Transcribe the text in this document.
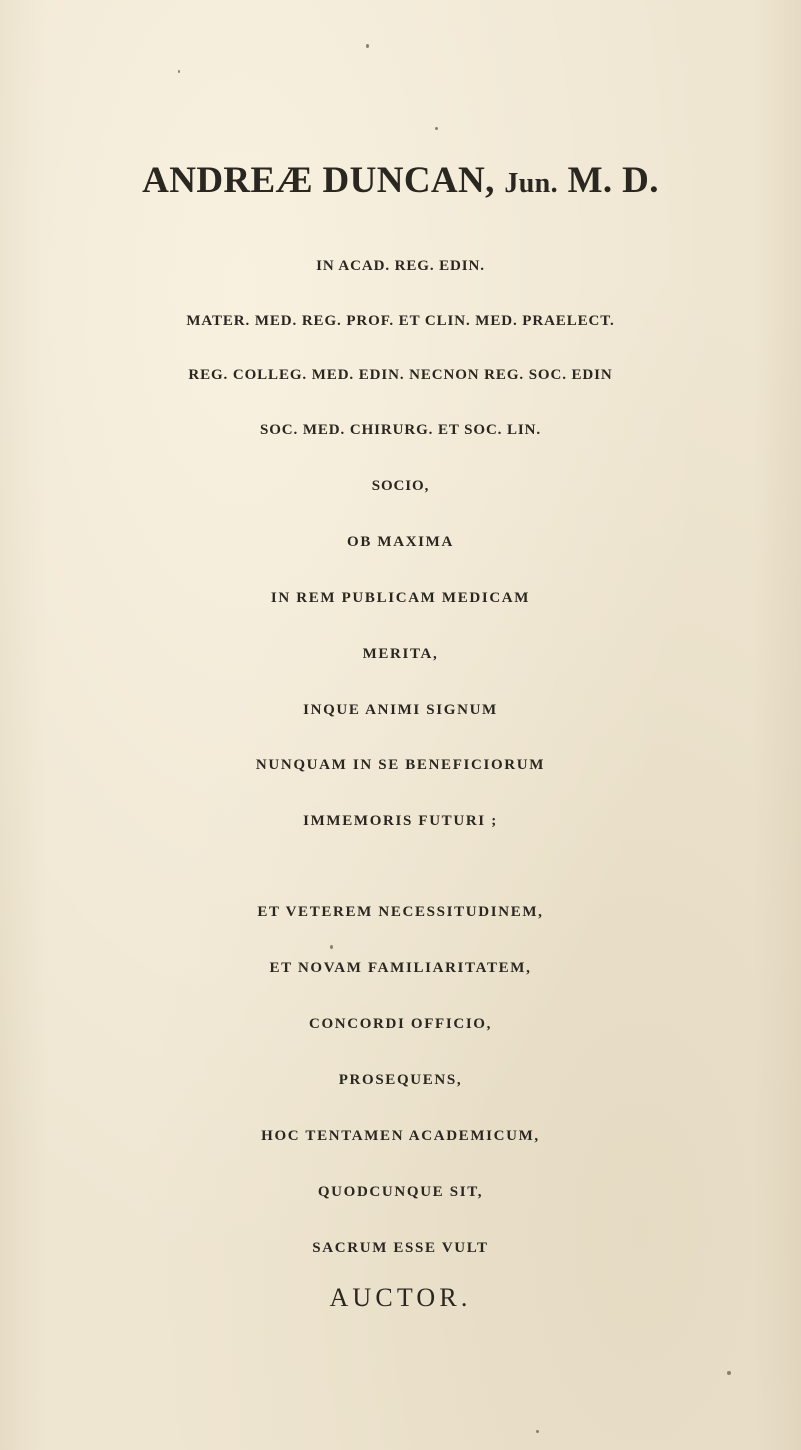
ANDREÆ DUNCAN, Jun. M. D.
IN ACAD. REG. EDIN.
MATER. MED. REG. PROF. ET CLIN. MED. PRAELECT.
REG. COLLEG. MED. EDIN. NECNON REG. SOC. EDIN
SOC. MED. CHIRURG. ET SOC. LIN.
SOCIO,
OB MAXIMA
IN REM PUBLICAM MEDICAM
MERITA,
INQUE ANIMI SIGNUM
NUNQUAM IN SE BENEFICIORUM
IMMEMORIS FUTURI ;
ET VETEREM NECESSITUDINEM,
ET NOVAM FAMILIARITATEM,
CONCORDI OFFICIO,
PROSEQUENS,
HOC TENTAMEN ACADEMICUM,
QUODCUNQUE SIT,
SACRUM ESSE VULT
AUCTOR.
